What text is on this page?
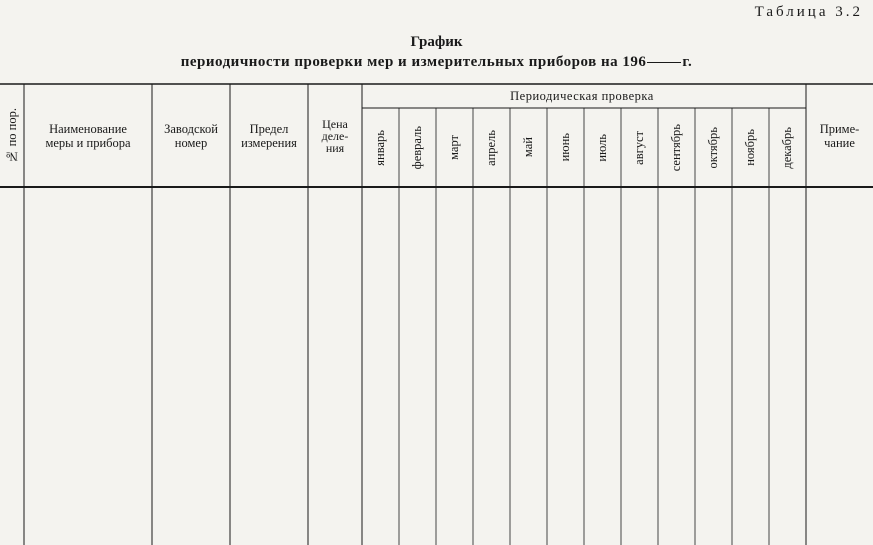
Таблица 3.2
График
периодичности проверки мер и измерительных приборов на 196 г.
№ по пор. Наименование
меры и прибора
Заводской
номер
Предел
измерения
Цена
деле-
ния
Периодическая проверка
Приме-
чание
январь февраль март апрель май июнь июль август сентябрь октябрь ноябрь декабрь
